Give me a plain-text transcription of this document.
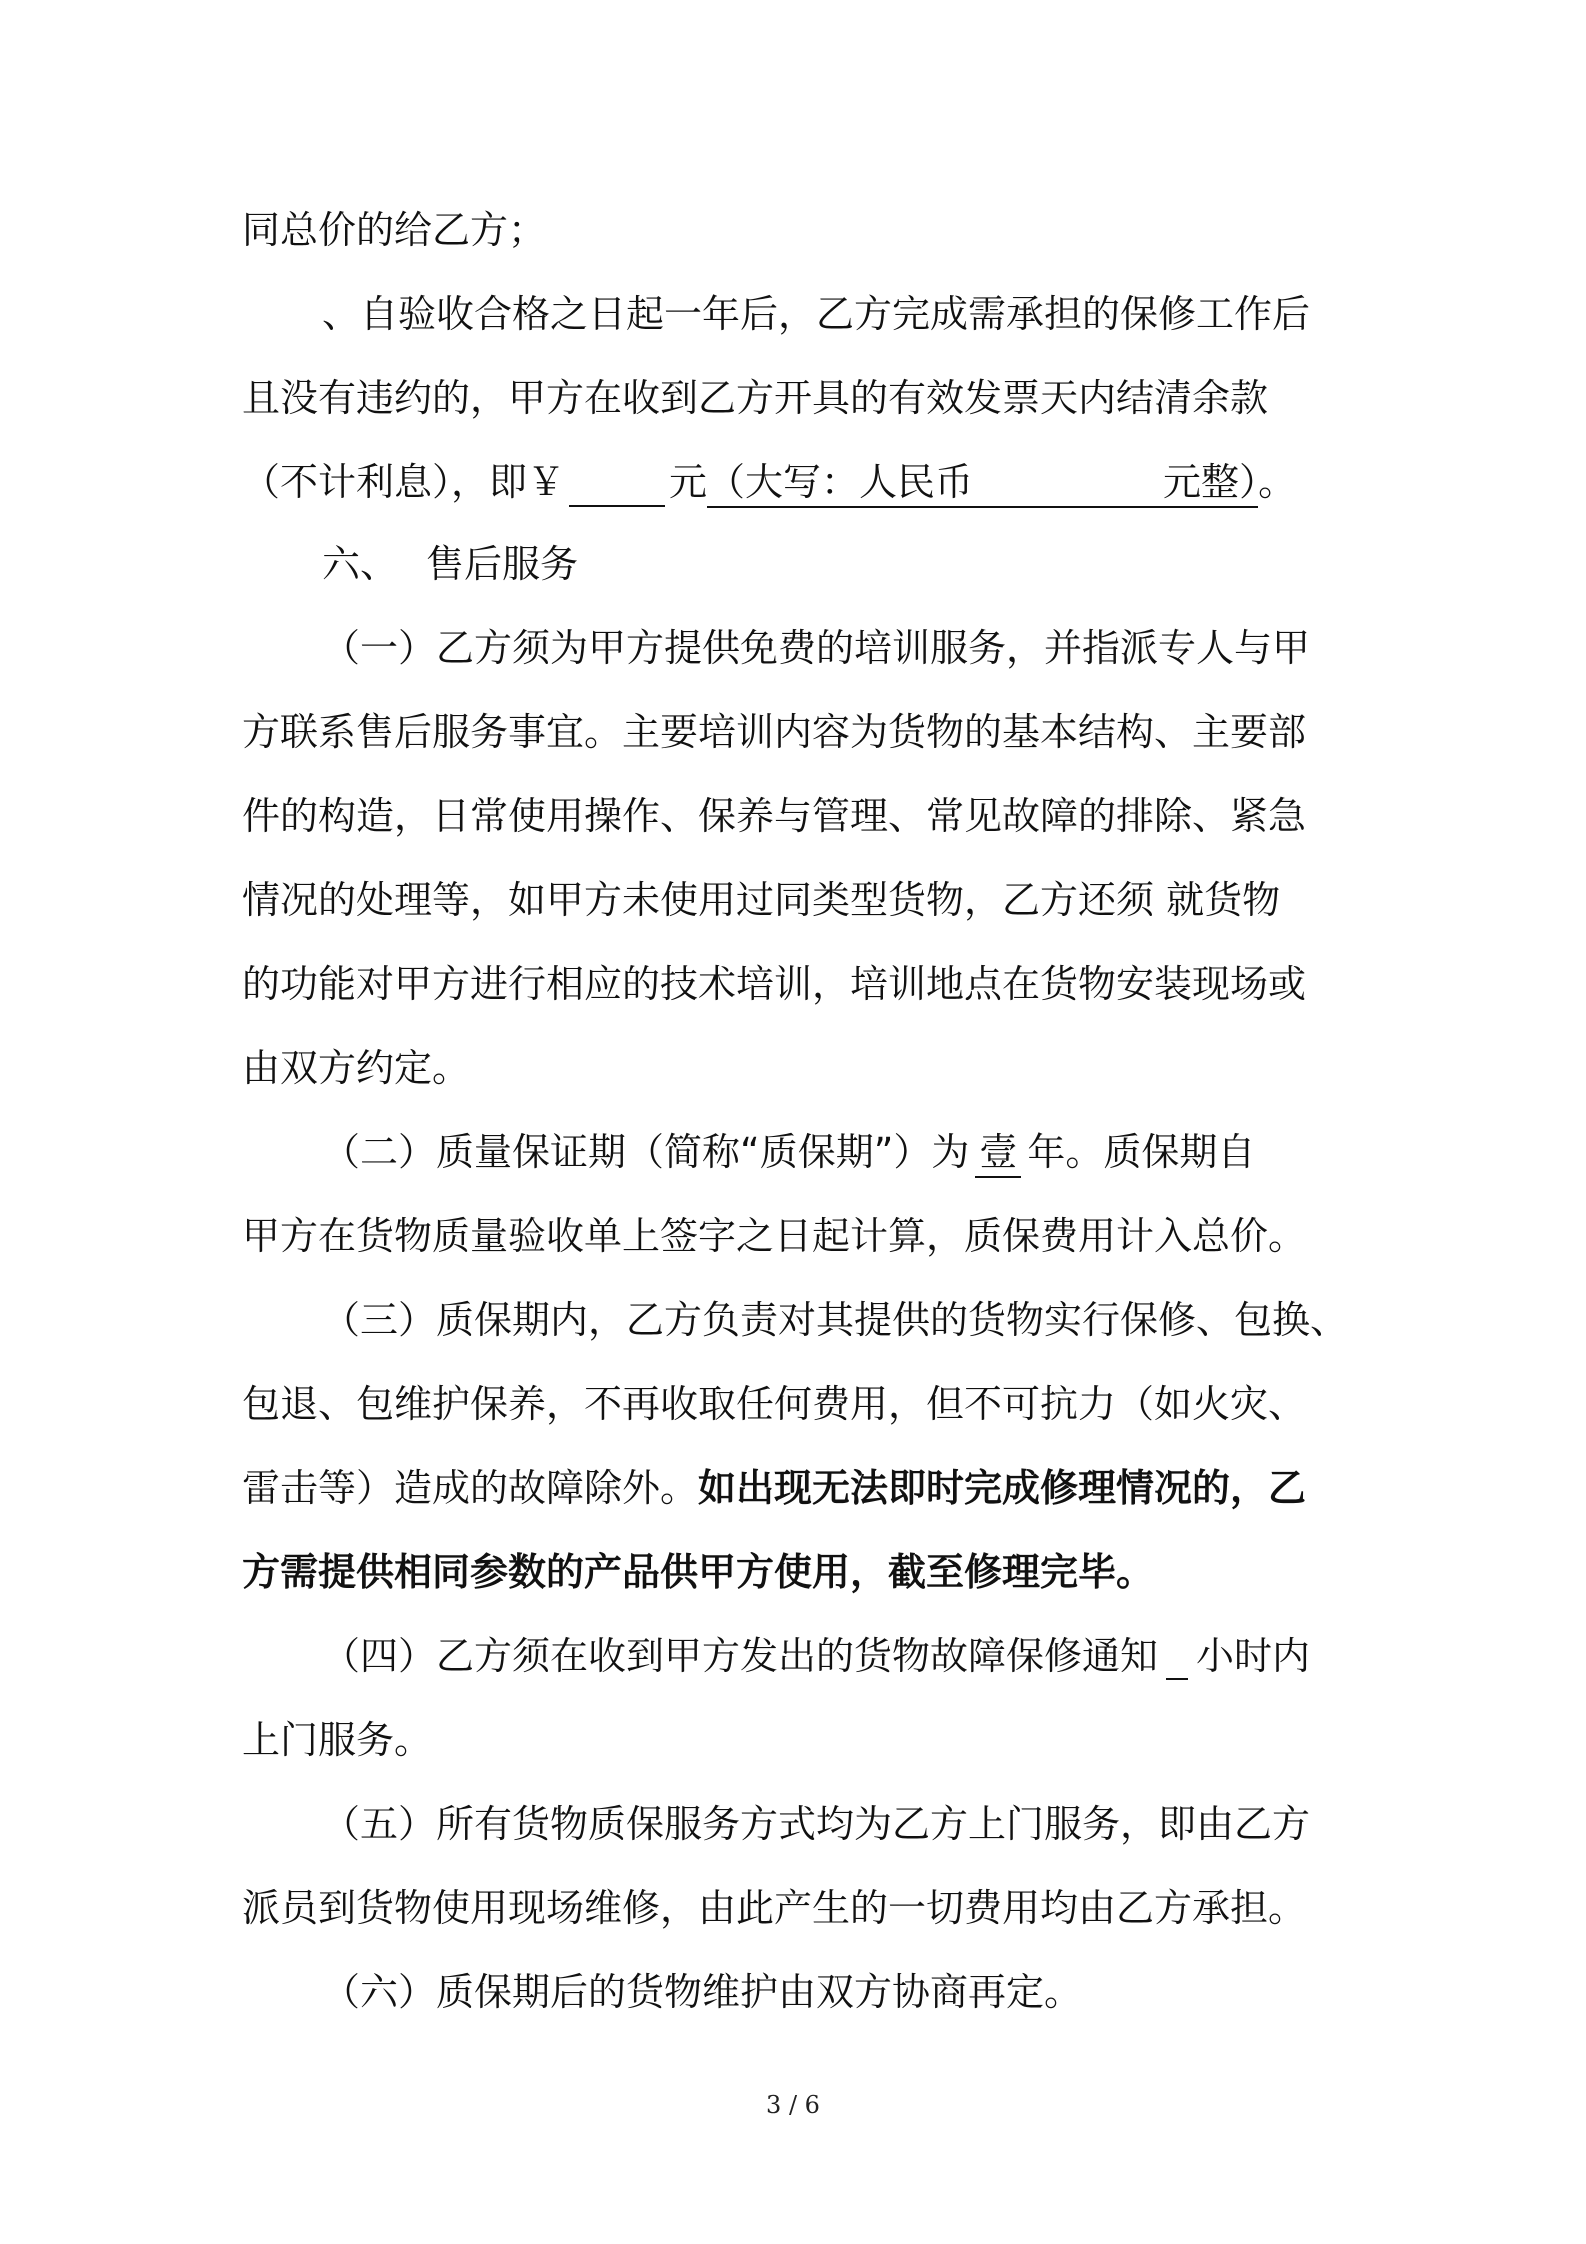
同总价的给乙方；
、自验收合格之日起一年后，乙方完成需承担的保修工作后
且没有违约的，甲方在收到乙方开具的有效发票天内结清余款
（不计利息），即￥	元（大写：人民币	元整）。
六、 售后服务
（一）乙方须为甲方提供免费的培训服务，并指派专人与甲
方联系售后服务事宜。主要培训内容为货物的基本结构、主要部
件的构造，日常使用操作、保养与管理、常见故障的排除、紧急
情况的处理等，如甲方未使用过同类型货物，乙方还须 就货物
的功能对甲方进行相应的技术培训，培训地点在货物安装现场或
由双方约定。
（二）质量保证期（简称“质保期”）为 壹 年。质保期自
甲方在货物质量验收单上签字之日起计算，质保费用计入总价。
（三）质保期内，乙方负责对其提供的货物实行保修、包换、
包退、包维护保养，不再收取任何费用，但不可抗力（如火灾、
雷击等）造成的故障除外。如出现无法即时完成修理情况的，乙
方需提供相同参数的产品供甲方使用，截至修理完毕。
（四）乙方须在收到甲方发出的货物故障保修通知 小时内
上门服务。
（五）所有货物质保服务方式均为乙方上门服务，即由乙方
派员到货物使用现场维修，由此产生的一切费用均由乙方承担。
（六）质保期后的货物维护由双方协商再定。
3 / 6
